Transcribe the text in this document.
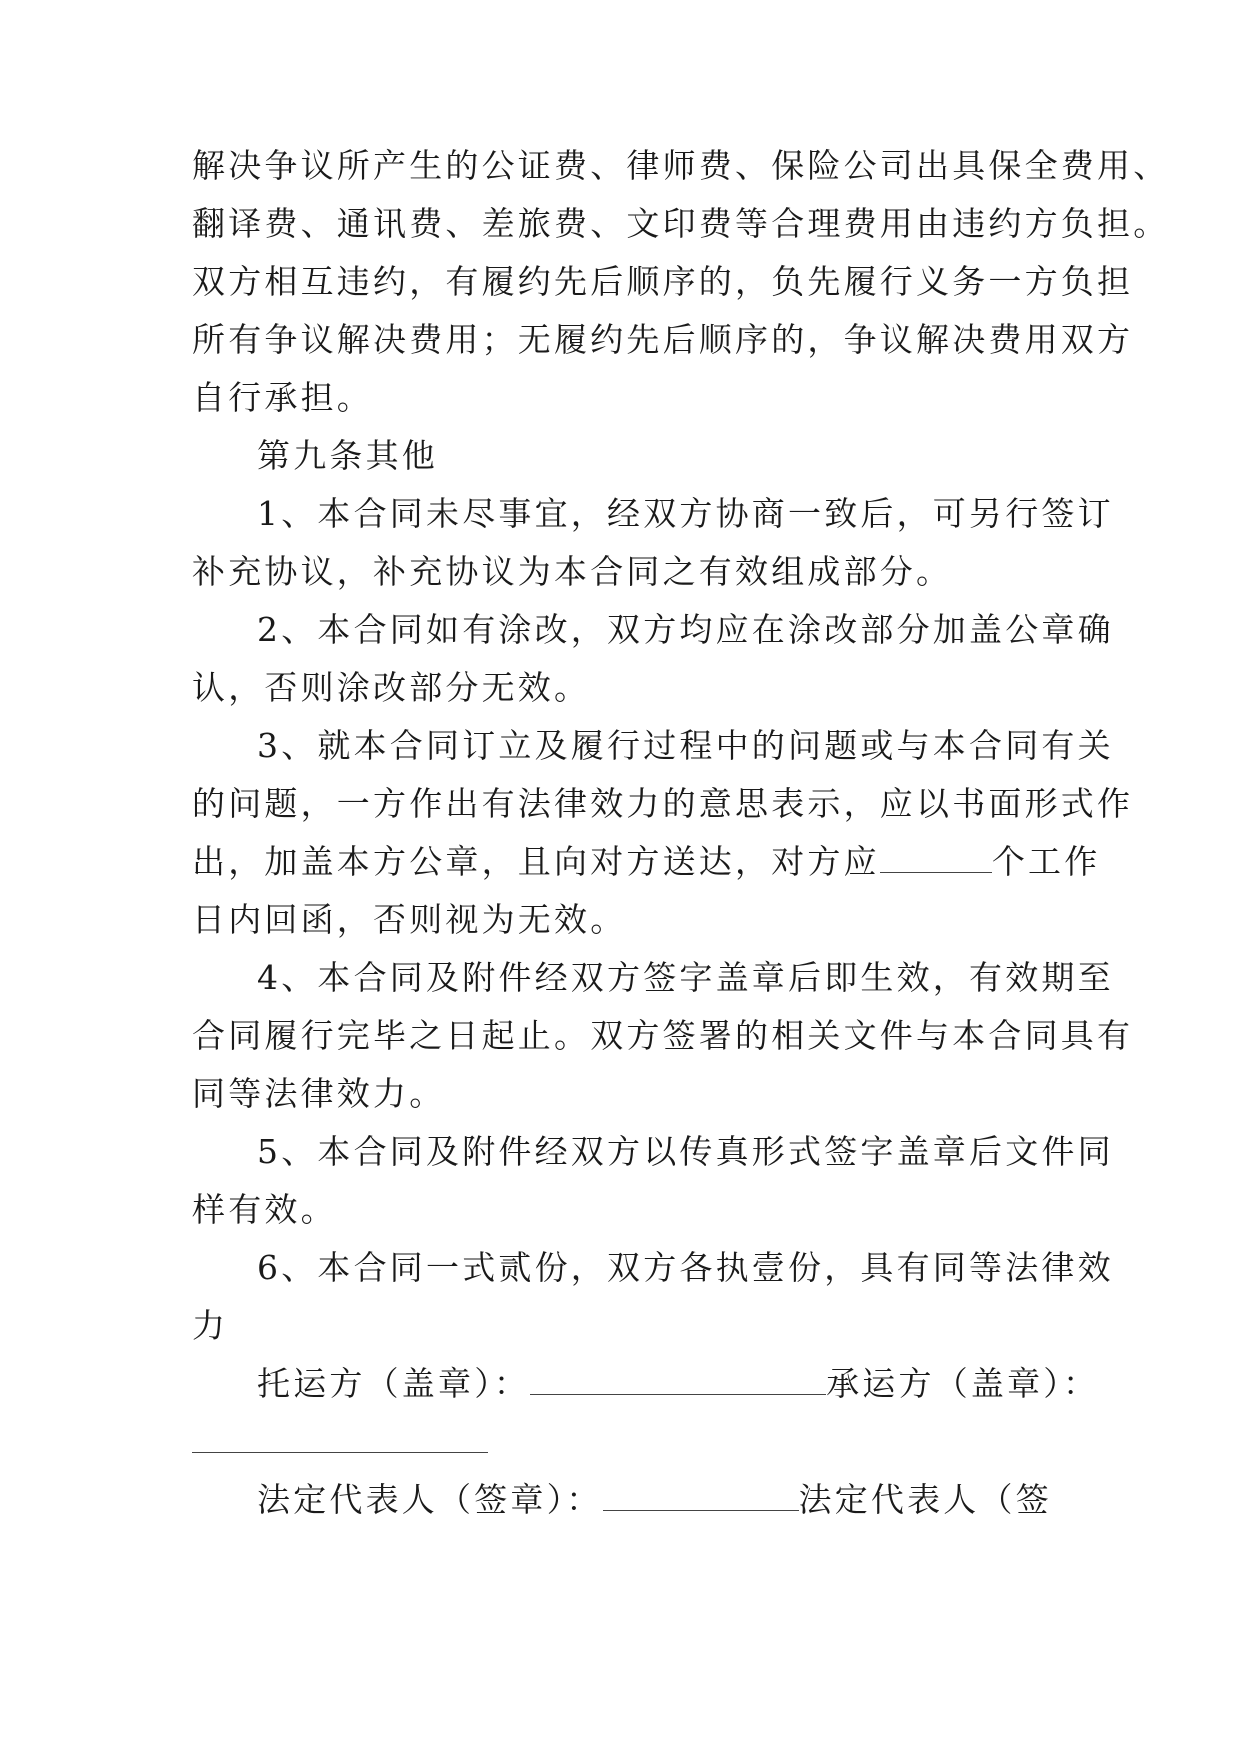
解决争议所产生的公证费、律师费、保险公司出具保全费用、
翻译费、通讯费、差旅费、文印费等合理费用由违约方负担。
双方相互违约，有履约先后顺序的，负先履行义务一方负担
所有争议解决费用；无履约先后顺序的，争议解决费用双方
自行承担。
第九条其他
1、本合同未尽事宜，经双方协商一致后，可另行签订
补充协议，补充协议为本合同之有效组成部分。
2、本合同如有涂改，双方均应在涂改部分加盖公章确
认，否则涂改部分无效。
3、就本合同订立及履行过程中的问题或与本合同有关
的问题，一方作出有法律效力的意思表示，应以书面形式作
出，加盖本方公章，且向对方送达，对方应	个工作
日内回函，否则视为无效。
4、本合同及附件经双方签字盖章后即生效，有效期至
合同履行完毕之日起止。双方签署的相关文件与本合同具有
同等法律效力。
5、本合同及附件经双方以传真形式签字盖章后文件同
样有效。
6、本合同一式贰份，双方各执壹份，具有同等法律效
力
托运方（盖章）：	承运方（盖章）：
法定代表人（签章）：	法定代表人（签
